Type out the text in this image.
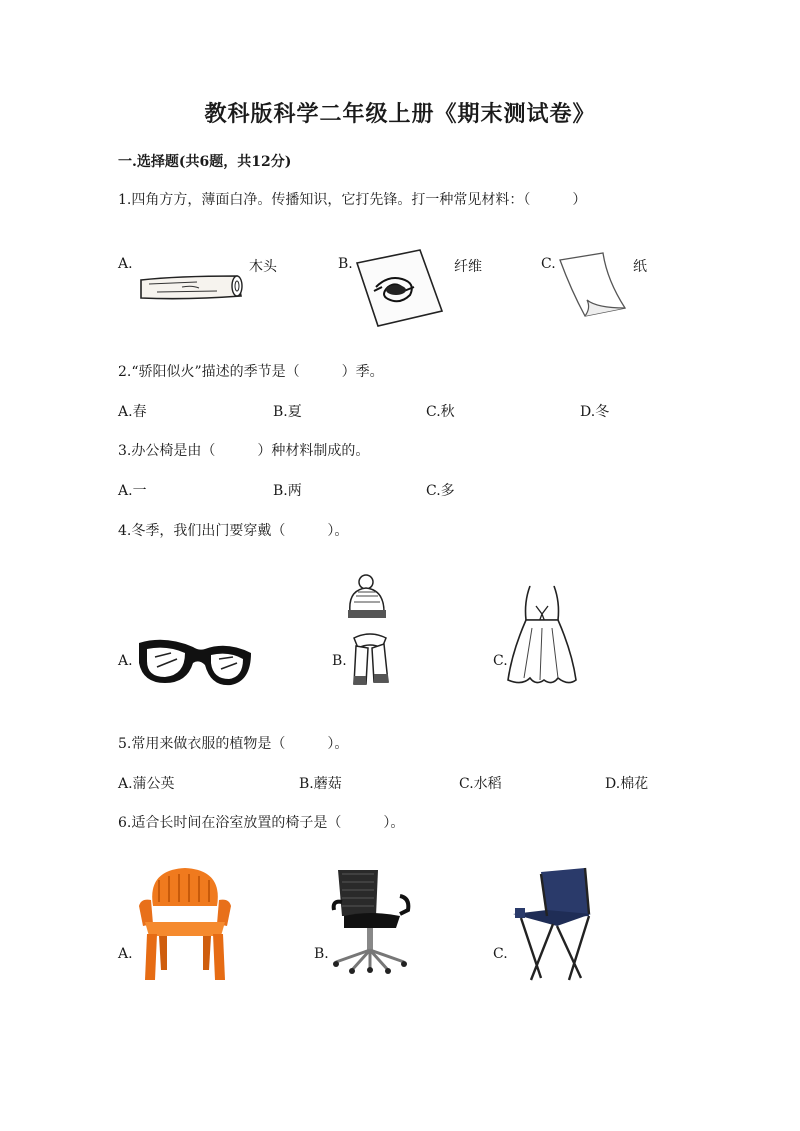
教科版科学二年级上册《期末测试卷》
一.选择题(共6题，共12分)
1.四角方方，薄面白净。传播知识，它打先锋。打一种常见材料：（　　　）
A.	木头	B.	纤维	C.	纸
2.“骄阳似火”描述的季节是（　　　）季。
A.春	B.夏	C.秋	D.冬
3.办公椅是由（　　　）种材料制成的。
A.一	B.两	C.多
4.冬季，我们出门要穿戴（　　　）。
A.	B.	C.
5.常用来做衣服的植物是（　　　）。
A.蒲公英	B.蘑菇	C.水稻	D.棉花
6.适合长时间在浴室放置的椅子是（　　　）。
A.	B.	C.
